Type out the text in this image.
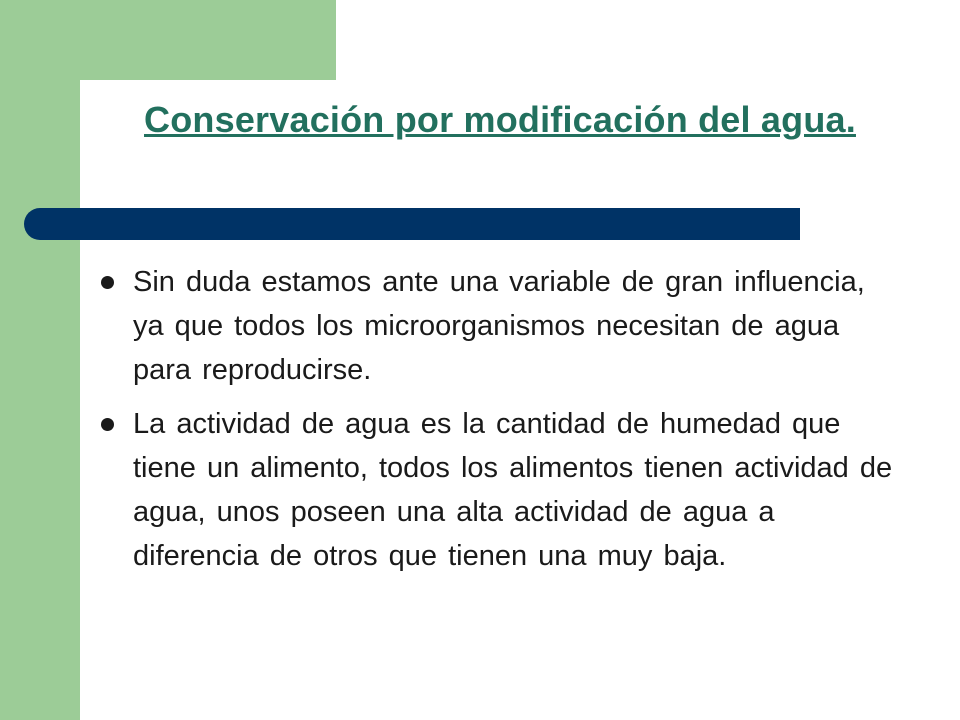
Conservación por modificación del agua.
Sin duda estamos ante una variable de gran influencia, ya que todos los microorganismos necesitan de agua para reproducirse.
La actividad de agua es la cantidad de humedad que tiene un alimento, todos los alimentos tienen actividad de agua, unos poseen una alta actividad de agua a diferencia de otros que tienen una muy baja.
